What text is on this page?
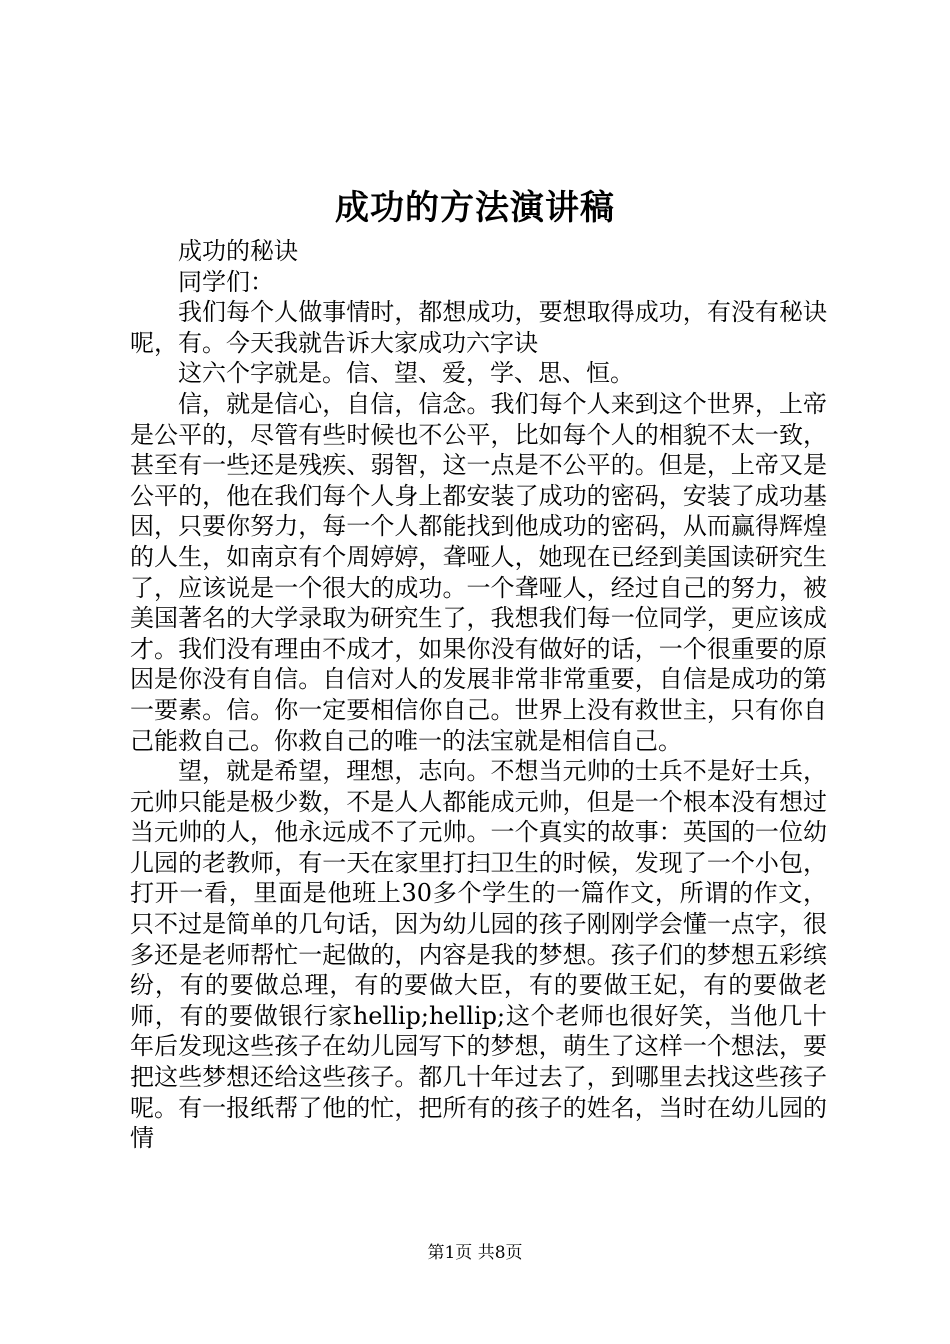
成功的方法演讲稿

成功的秘诀

同学们：

我们每个人做事情时，都想成功，要想取得成功，有没有秘诀呢，有。今天我就告诉大家成功六字诀

这六个字就是。信、望、爱，学、思、恒。

信，就是信心，自信，信念。我们每个人来到这个世界，上帝是公平的，尽管有些时候也不公平，比如每个人的相貌不太一致，甚至有一些还是残疾、弱智，这一点是不公平的。但是，上帝又是公平的，他在我们每个人身上都安装了成功的密码，安装了成功基因，只要你努力，每一个人都能找到他成功的密码，从而赢得辉煌的人生，如南京有个周婷婷，聋哑人，她现在已经到美国读研究生了，应该说是一个很大的成功。一个聋哑人，经过自己的努力，被美国著名的大学录取为研究生了，我想我们每一位同学，更应该成才。我们没有理由不成才，如果你没有做好的话，一个很重要的原因是你没有自信。自信对人的发展非常非常重要，自信是成功的第一要素。信。你一定要相信你自己。世界上没有救世主，只有你自己能救自己。你救自己的唯一的法宝就是相信自己。

望，就是希望，理想，志向。不想当元帅的士兵不是好士兵，元帅只能是极少数，不是人人都能成元帅，但是一个根本没有想过当元帅的人，他永远成不了元帅。一个真实的故事：英国的一位幼儿园的老教师，有一天在家里打扫卫生的时候，发现了一个小包，打开一看，里面是他班上30多个学生的一篇作文，所谓的作文，只不过是简单的几句话，因为幼儿园的孩子刚刚学会懂一点字，很多还是老师帮忙一起做的，内容是我的梦想。孩子们的梦想五彩缤纷，有的要做总理，有的要做大臣，有的要做王妃，有的要做老师，有的要做银行家hellip;hellip;这个老师也很好笑，当他几十年后发现这些孩子在幼儿园写下的梦想，萌生了这样一个想法，要把这些梦想还给这些孩子。都几十年过去了，到哪里去找这些孩子呢。有一报纸帮了他的忙，把所有的孩子的姓名，当时在幼儿园的情

第1页 共8页
